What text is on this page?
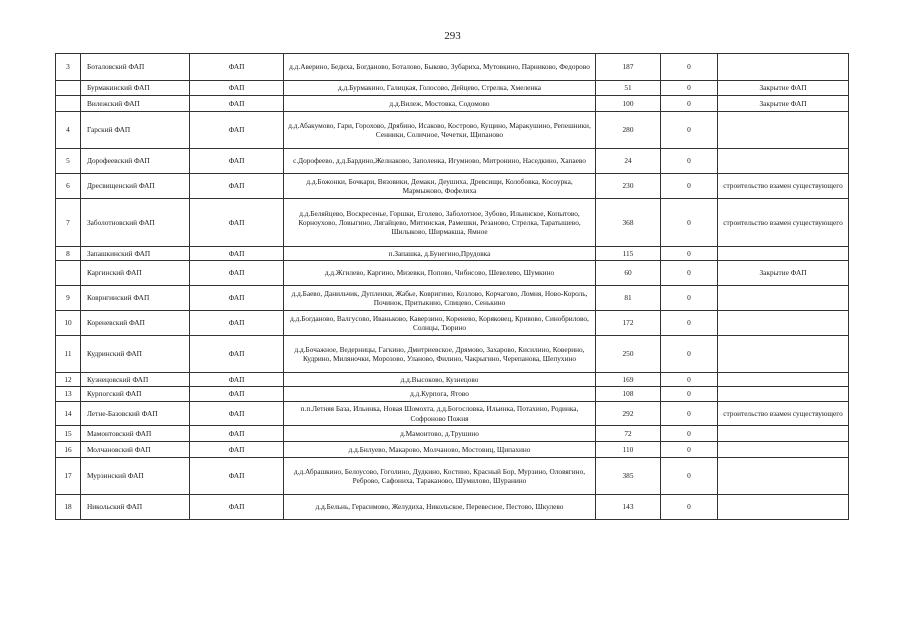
293
3	Боталовский ФАП	ФАП	д.д.Аверино, Бедиха, Богданово, Боталово, Быково, Зубариха, Мутовкино, Парниково, Федорово	187	0	
	Бурмакинский ФАП	ФАП	д.д.Бурмакино, Галицкая, Голосово, Дейцево, Стрелка, Хмеленка	51	0	Закрытие ФАП
	Вилежский ФАП	ФАП	д.д.Вилеж, Мостовка, Содомово	100	0	Закрытие ФАП
4	Гарский ФАП	ФАП	д.д.Абакумово, Гари, Горохово, Дрябино, Исаково, Кострово, Кущино, Маракушино, Репешники, Сенники, Соличное, Чечетки, Щипаново	280	0	
5	Дорофеевский ФАП	ФАП	с.Дорофеево, д.д.Бардино,Желнаково, Заполенка, Игумново, Митронино, Наседкино, Хапаево	24	0	
6	Дресвищенский ФАП	ФАП	д.д.Божонки, Бочкари, Вязовики, Демаки, Деушиха, Древсищи, Колобовка, Косоурка, Мармыжово, Фофелиха	230	0	строительство взамен существующего
7	Заболотновский ФАП	ФАП	д.д.Беляйцево, Воскресенье, Горшки, Еголево, Заболотное, Зубово, Ильинское, Копытово, Корноухово, Ловыгино, Лягайцево, Митинская, Рамешки, Резаново, Стрелка, Таратышево, Шилыково, Ширмакша, Ямное	368	0	строительство взамен существующего
8	Запашкинский ФАП	ФАП	п.Запашка, д.Бунегино,Прудовка	115	0	
	Каргинский ФАП	ФАП	д.д.Жгилево, Каргино, Мизевки, Попово, Чибисово, Шевелево, Шумкино	60	0	Закрытие ФАП
9	Коврнгинский ФАП	ФАП	д.д.Баево, Данильчик, Дупленки, Жабье, Ковригино, Козлово, Корчагово, Ломня, Ново-Король, Починок, Притыкино, Спицево, Сенькино	81	0	
10	Кореневский ФАП	ФАП	д.д.Богданово, Валгусово, Иваньково, Каверзино, Коренево, Коряковец, Кривово, Синобрилово, Солнцы, Тюрино	172	0	
11	Кудринский ФАП	ФАП	д.д.Бочажное, Ведерницы, Гагкино, Дмитриевское, Дрямово, Захарово, Кисилино, Коверино, Кудрино, Миляночки, Морозово, Уланово, Филино, Чакрыгино, Черепанова, Шепухино	250	0	
12	Кузнецовский ФАП	ФАП	д.д.Высоково, Кузнецово	169	0	
13	Курпогский ФАП	ФАП	д.д.Курпога, Ятово	108	0	
14	Летне-Базовский ФАП	ФАП	п.п.Летняя База, Ильинка, Новая Шомохта, д.д.Богословка, Ильинка, Потахино, Родинка, Софроново Пожня	292	0	строительство взамен существующего
15	Мамонтовский ФАП	ФАП	д.Мамонтово, д.Трушино	72	0	
16	Молчановский ФАП	ФАП	д.д.Билуево, Макарово, Молчаново, Мостовиц, Щипахино	110	0	
17	Мурзинский ФАП	ФАП	д.д.Абрашкино, Белоусово, Гоголино, Дудкино, Костино, Красный Бор, Мурзино, Оловягино, Реброво, Сафониха, Тараканово, Шумилово, Шуранино	385	0	
18	Никольский ФАП	ФАП	д.д.Бельнь, Герасимово, Желудиха, Никольское, Перевесное, Пестово, Шкулево	143	0	
